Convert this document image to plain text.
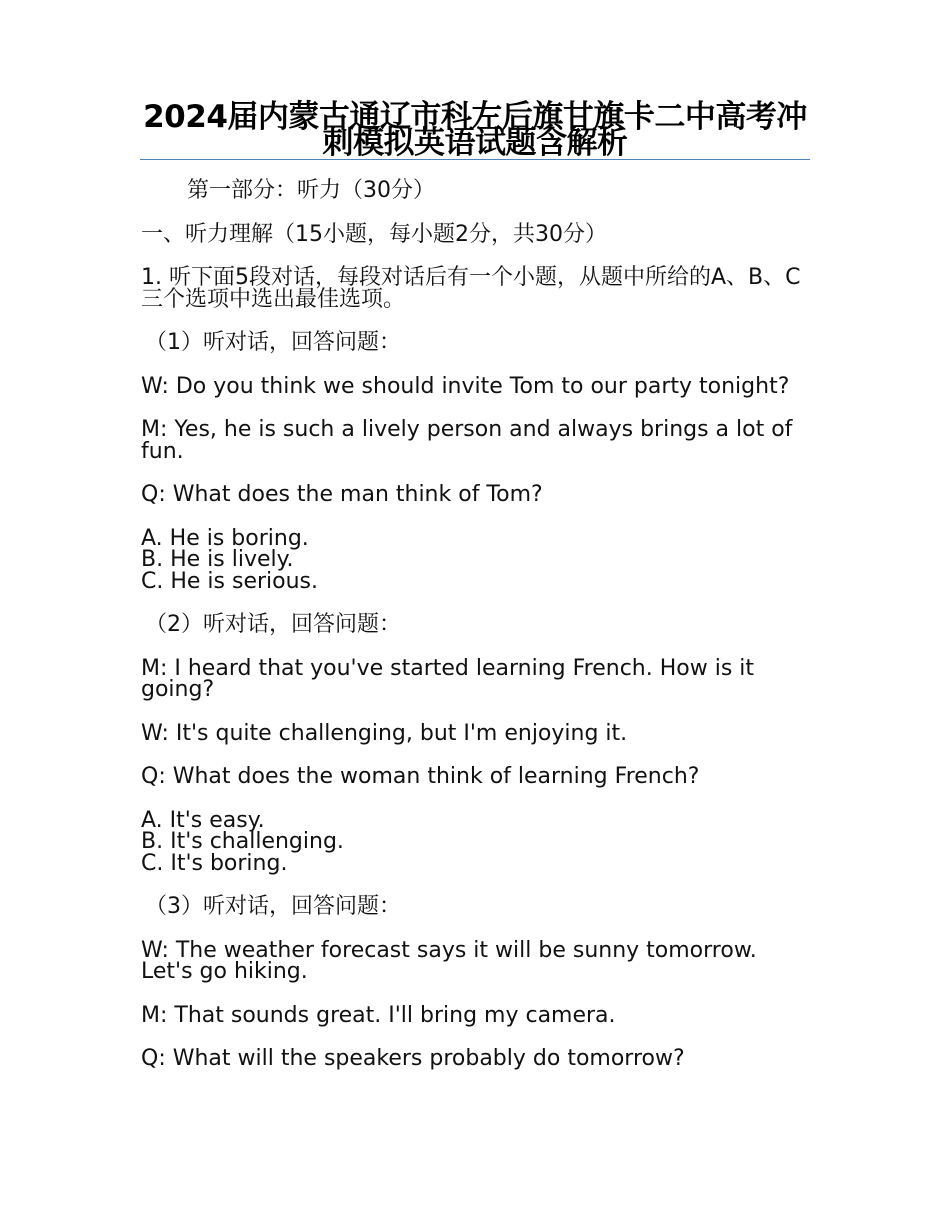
2024届内蒙古通辽市科左后旗甘旗卡二中高考冲刺模拟英语试题含解析

第一部分：听力（30分）

一、听力理解（15小题，每小题2分，共30分）

1. 听下面5段对话，每段对话后有一个小题，从题中所给的A、B、C三个选项中选出最佳选项。

（1）听对话，回答问题：

W: Do you think we should invite Tom to our party tonight?

M: Yes, he is such a lively person and always brings a lot of fun.

Q: What does the man think of Tom?

A. He is boring.

B. He is lively.

C. He is serious.

（2）听对话，回答问题：

M: I heard that you've started learning French. How is it going?

W: It's quite challenging, but I'm enjoying it.

Q: What does the woman think of learning French?

A. It's easy.

B. It's challenging.

C. It's boring.

（3）听对话，回答问题：

W: The weather forecast says it will be sunny tomorrow. Let's go hiking.

M: That sounds great. I'll bring my camera.

Q: What will the speakers probably do tomorrow?
